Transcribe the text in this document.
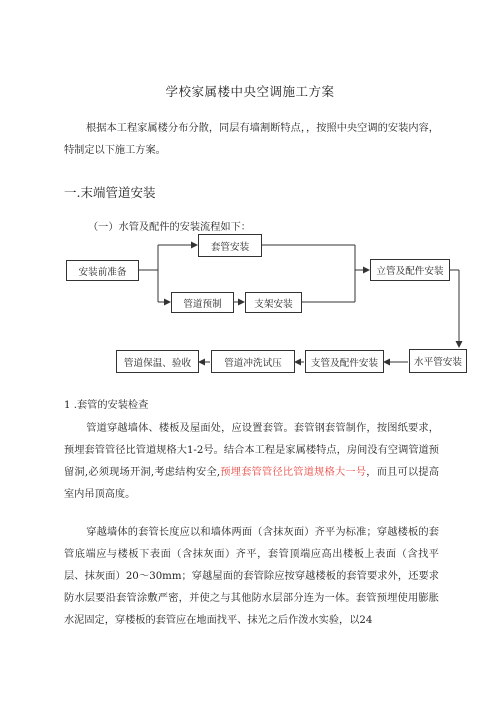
学校家属楼中央空调施工方案
根据本工程家属楼分布分散，同层有墙割断特点，，按照中央空调的安装内容，特制定以下施工方案。
一.末端管道安装
（一）水管及配件的安装流程如下：
安装前准备
套管安装
管道预制	支架安装
立管及配件安装
水平管安装
支管及配件安装
管道冲洗试压
管道保温、验收
1 .套管的安装检查
管道穿越墙体、楼板及屋面处，应设置套管。套管钢套管制作，按图纸要求，预埋套管管径比管道规格大1-2号。结合本工程是家属楼特点，房间没有空调管道预留洞,必须现场开洞,考虑结构安全,预埋套管管径比管道规格大一号，而且可以提高室内吊顶高度。
穿越墙体的套管长度应以和墙体两面（含抹灰面）齐平为标准；穿越楼板的套管底端应与楼板下表面（含抹灰面）齐平，套管顶端应高出楼板上表面（含找平层、抹灰面）20～30mm；穿越屋面的套管除应按穿越楼板的套管要求外，还要求防水层要沿套管涂敷严密，并使之与其他防水层部分连为一体。套管预埋使用膨胀水泥固定，穿楼板的套管应在地面找平、抹光之后作泼水实验，以24
